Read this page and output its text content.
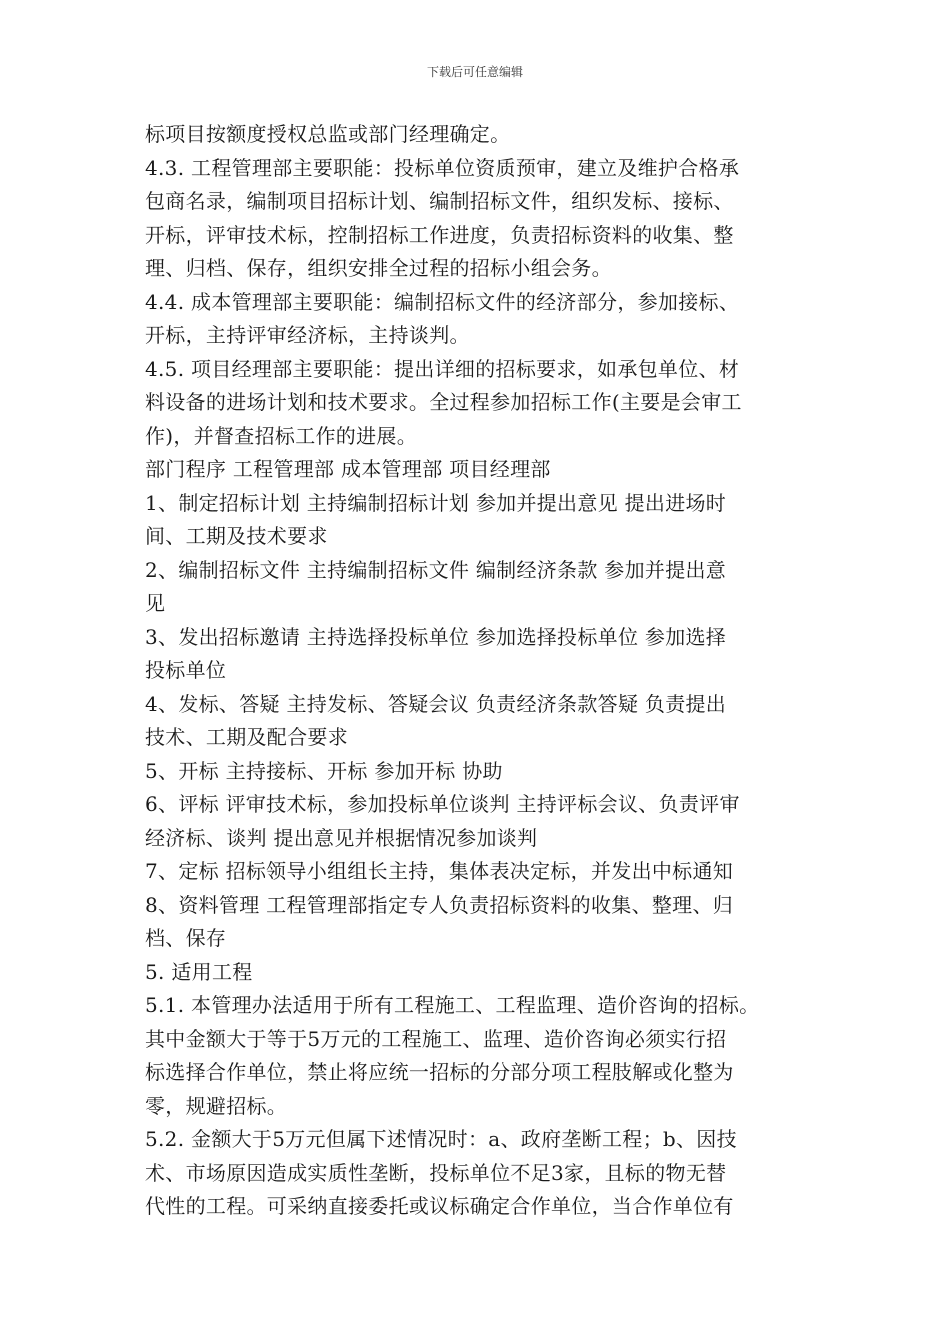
下载后可任意编辑
标项目按额度授权总监或部门经理确定。
4.3. 工程管理部主要职能：投标单位资质预审，建立及维护合格承
包商名录，编制项目招标计划、编制招标文件，组织发标、接标、
开标，评审技术标，控制招标工作进度，负责招标资料的收集、整
理、归档、保存，组织安排全过程的招标小组会务。
4.4. 成本管理部主要职能：编制招标文件的经济部分，参加接标、
开标，主持评审经济标，主持谈判。
4.5. 项目经理部主要职能：提出详细的招标要求，如承包单位、材
料设备的进场计划和技术要求。全过程参加招标工作(主要是会审工
作)，并督查招标工作的进展。
部门程序 工程管理部 成本管理部 项目经理部
1、制定招标计划 主持编制招标计划 参加并提出意见 提出进场时
间、工期及技术要求
2、编制招标文件 主持编制招标文件 编制经济条款 参加并提出意
见
3、发出招标邀请 主持选择投标单位 参加选择投标单位 参加选择
投标单位
4、发标、答疑 主持发标、答疑会议 负责经济条款答疑 负责提出
技术、工期及配合要求
5、开标 主持接标、开标 参加开标 协助
6、评标 评审技术标，参加投标单位谈判 主持评标会议、负责评审
经济标、谈判 提出意见并根据情况参加谈判
7、定标 招标领导小组组长主持，集体表决定标，并发出中标通知
8、资料管理 工程管理部指定专人负责招标资料的收集、整理、归
档、保存
5. 适用工程
5.1. 本管理办法适用于所有工程施工、工程监理、造价咨询的招标。
其中金额大于等于5万元的工程施工、监理、造价咨询必须实行招
标选择合作单位，禁止将应统一招标的分部分项工程肢解或化整为
零，规避招标。
5.2. 金额大于5万元但属下述情况时：a、政府垄断工程；b、因技
术、市场原因造成实质性垄断，投标单位不足3家，且标的物无替
代性的工程。可采纳直接委托或议标确定合作单位，当合作单位有
